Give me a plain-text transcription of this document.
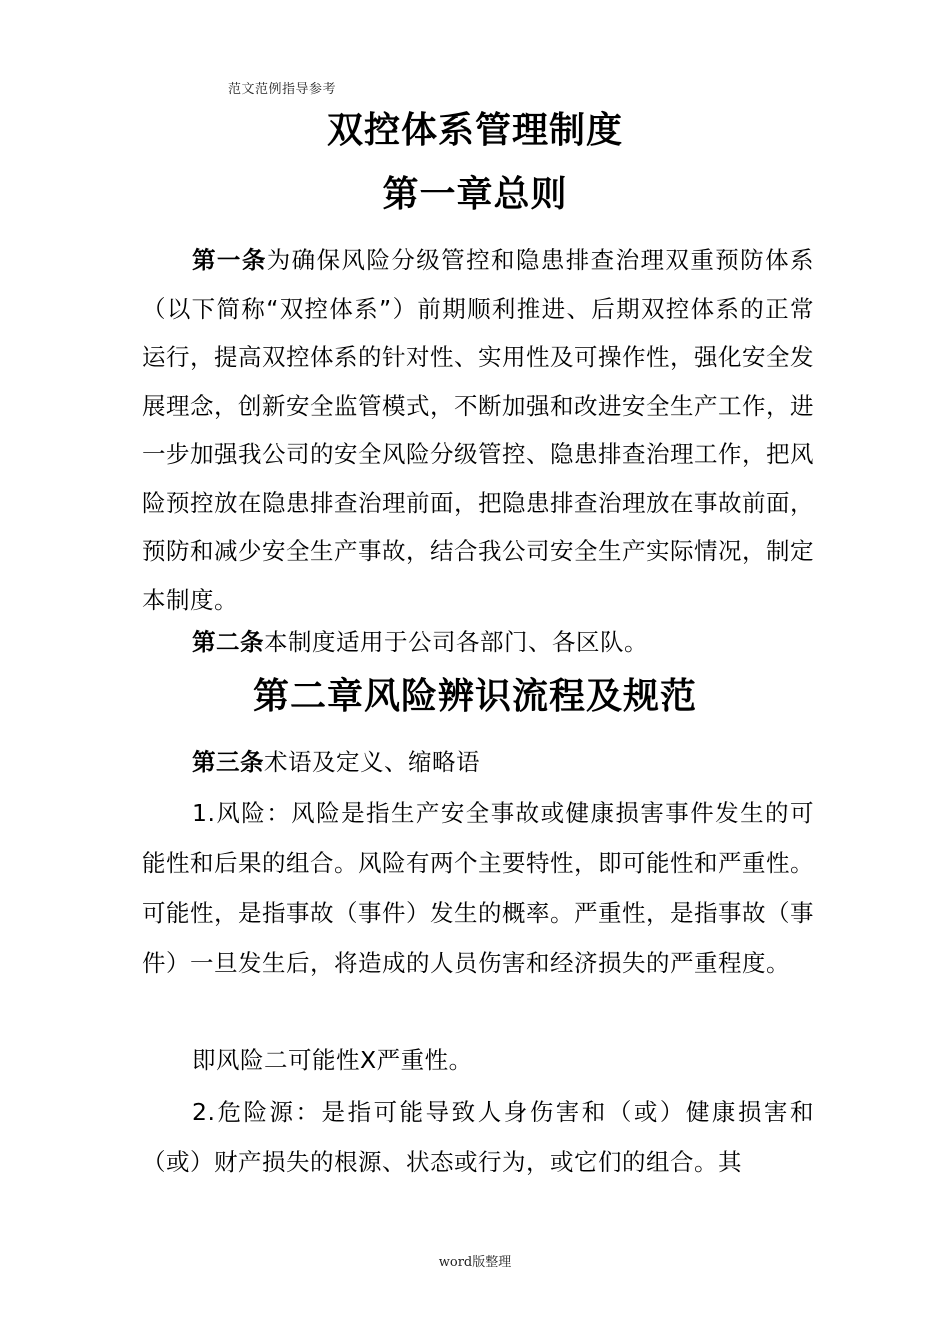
范文范例指导参考
双控体系管理制度
第一章总则
第一条为确保风险分级管控和隐患排查治理双重预防体系（以下简称“双控体系”）前期顺利推进、后期双控体系的正常运行，提高双控体系的针对性、实用性及可操作性，强化安全发展理念，创新安全监管模式，不断加强和改进安全生产工作，进一步加强我公司的安全风险分级管控、隐患排查治理工作，把风险预控放在隐患排查治理前面，把隐患排查治理放在事故前面，预防和减少安全生产事故，结合我公司安全生产实际情况，制定本制度。
第二条本制度适用于公司各部门、各区队。
第二章风险辨识流程及规范
第三条术语及定义、缩略语
1.风险：风险是指生产安全事故或健康损害事件发生的可能性和后果的组合。风险有两个主要特性，即可能性和严重性。可能性，是指事故（事件）发生的概率。严重性，是指事故（事件）一旦发生后，将造成的人员伤害和经济损失的严重程度。
即风险二可能性X严重性。
2.危险源：是指可能导致人身伤害和（或）健康损害和（或）财产损失的根源、状态或行为，或它们的组合。其
word版整理
